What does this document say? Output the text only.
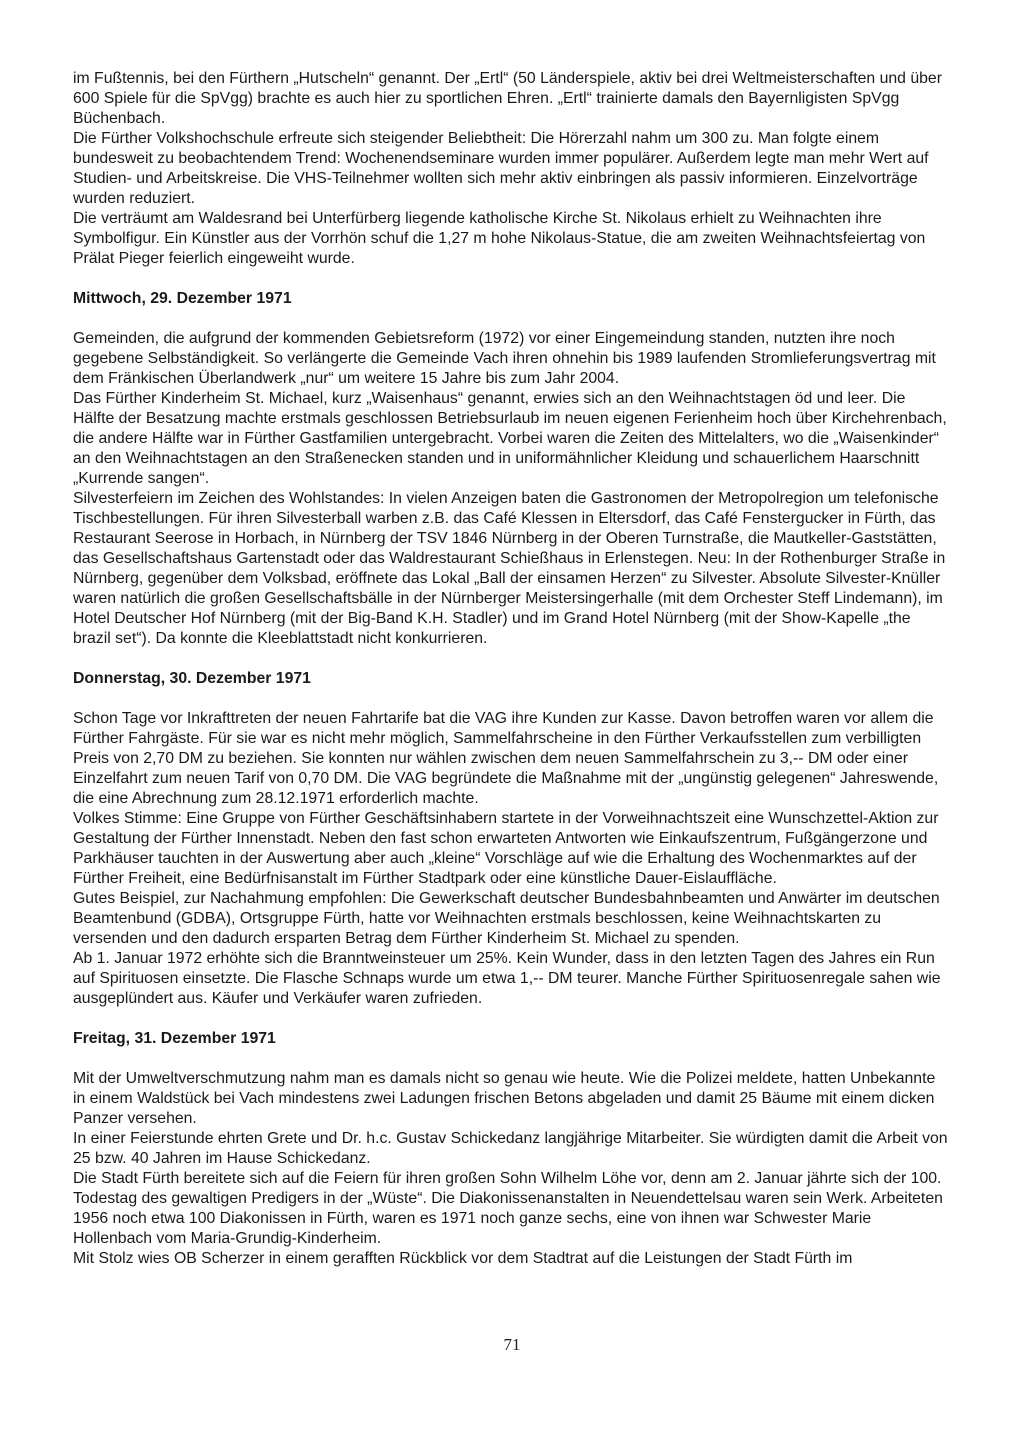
im Fußtennis, bei den Fürthern „Hutscheln“ genannt. Der „Ertl“ (50 Länderspiele, aktiv bei drei Weltmeisterschaften und über 600 Spiele für die SpVgg) brachte es auch hier zu sportlichen Ehren. „Ertl“ trainierte damals den Bayernligisten SpVgg Büchenbach.

Die Fürther Volkshochschule erfreute sich steigender Beliebtheit: Die Hörerzahl nahm um 300 zu. Man folgte einem bundesweit zu beobachtendem Trend: Wochenendseminare wurden immer populärer. Außerdem legte man mehr Wert auf Studien- und Arbeitskreise. Die VHS-Teilnehmer wollten sich mehr aktiv einbringen als passiv informieren. Einzelvorträge wurden reduziert.

Die verträumt am Waldesrand bei Unterfürberg liegende katholische Kirche St. Nikolaus erhielt zu Weihnachten ihre Symbolfigur. Ein Künstler aus der Vorrhön schuf die 1,27 m hohe Nikolaus-Statue, die am zweiten Weihnachtsfeiertag von Prälat Pieger feierlich eingeweiht wurde.

Mittwoch, 29. Dezember 1971

Gemeinden, die aufgrund der kommenden Gebietsreform (1972) vor einer Eingemeindung standen, nutzten ihre noch gegebene Selbständigkeit. So verlängerte die Gemeinde Vach ihren ohnehin bis 1989 laufenden Stromlieferungsvertrag mit dem Fränkischen Überlandwerk „nur“ um weitere 15 Jahre bis zum Jahr 2004.

Das Fürther Kinderheim St. Michael, kurz „Waisenhaus“ genannt, erwies sich an den Weihnachtstagen öd und leer. Die Hälfte der Besatzung machte erstmals geschlossen Betriebsurlaub im neuen eigenen Ferienheim hoch über Kirchehrenbach, die andere Hälfte war in Fürther Gastfamilien untergebracht. Vorbei waren die Zeiten des Mittelalters, wo die „Waisenkinder“ an den Weihnachtstagen an den Straßenecken standen und in uniformähnlicher Kleidung und schauerlichem Haarschnitt „Kurrende sangen“.

Silvesterfeiern im Zeichen des Wohlstandes: In vielen Anzeigen baten die Gastronomen der Metropolregion um telefonische Tischbestellungen. Für ihren Silvesterball warben z.B. das Café Klessen in Eltersdorf, das Café Fenstergucker in Fürth, das Restaurant Seerose in Horbach, in Nürnberg der TSV 1846 Nürnberg in der Oberen Turnstraße, die Mautkeller-Gaststätten, das Gesellschaftshaus Gartenstadt oder das Waldrestaurant Schießhaus in Erlenstegen. Neu: In der Rothenburger Straße in Nürnberg, gegenüber dem Volksbad, eröffnete das Lokal „Ball der einsamen Herzen“ zu Silvester. Absolute Silvester-Knüller waren natürlich die großen Gesellschaftsbälle in der Nürnberger Meistersingerhalle (mit dem Orchester Steff Lindemann), im Hotel Deutscher Hof Nürnberg (mit der Big-Band K.H. Stadler) und im Grand Hotel Nürnberg (mit der Show-Kapelle „the brazil set“). Da konnte die Kleeblattstadt nicht konkurrieren.

Donnerstag, 30. Dezember 1971

Schon Tage vor Inkrafttreten der neuen Fahrtarife bat die VAG ihre Kunden zur Kasse. Davon betroffen waren vor allem die Fürther Fahrgäste. Für sie war es nicht mehr möglich, Sammelfahrscheine in den Fürther Verkaufsstellen zum verbilligten Preis von 2,70 DM zu beziehen. Sie konnten nur wählen zwischen dem neuen Sammelfahrschein zu 3,-- DM oder einer Einzelfahrt zum neuen Tarif von 0,70 DM. Die VAG begründete die Maßnahme mit der „ungünstig gelegenen“ Jahreswende, die eine Abrechnung zum 28.12.1971 erforderlich machte.

Volkes Stimme: Eine Gruppe von Fürther Geschäftsinhabern startete in der Vorweihnachtszeit eine Wunschzettel-Aktion zur Gestaltung der Fürther Innenstadt. Neben den fast schon erwarteten Antworten wie Einkaufszentrum, Fußgängerzone und Parkhäuser tauchten in der Auswertung aber auch „kleine“ Vorschläge auf wie die Erhaltung des Wochenmarktes auf der Fürther Freiheit, eine Bedürfnisanstalt im Fürther Stadtpark oder eine künstliche Dauer-Eislauffläche.

Gutes Beispiel, zur Nachahmung empfohlen: Die Gewerkschaft deutscher Bundesbahnbeamten und Anwärter im deutschen Beamtenbund (GDBA), Ortsgruppe Fürth, hatte vor Weihnachten erstmals beschlossen, keine Weihnachtskarten zu versenden und den dadurch ersparten Betrag dem Fürther Kinderheim St. Michael zu spenden.

Ab 1. Januar 1972 erhöhte sich die Branntweinsteuer um 25%. Kein Wunder, dass in den letzten Tagen des Jahres ein Run auf Spirituosen einsetzte. Die Flasche Schnaps wurde um etwa 1,-- DM teurer. Manche Fürther Spirituosenregale sahen wie ausgeplündert aus. Käufer und Verkäufer waren zufrieden.

Freitag, 31. Dezember 1971

Mit der Umweltverschmutzung nahm man es damals nicht so genau wie heute. Wie die Polizei meldete, hatten Unbekannte in einem Waldstück bei Vach mindestens zwei Ladungen frischen Betons abgeladen und damit 25 Bäume mit einem dicken Panzer versehen.

In einer Feierstunde ehrten Grete und Dr. h.c. Gustav Schickedanz langjährige Mitarbeiter. Sie würdigten damit die Arbeit von 25 bzw. 40 Jahren im Hause Schickedanz.

Die Stadt Fürth bereitete sich auf die Feiern für ihren großen Sohn Wilhelm Löhe vor, denn am 2. Januar jährte sich der 100. Todestag des gewaltigen Predigers in der „Wüste“. Die Diakonissenanstalten in Neuendettelsau waren sein Werk. Arbeiteten 1956 noch etwa 100 Diakonissen in Fürth, waren es 1971 noch ganze sechs, eine von ihnen war Schwester Marie Hollenbach vom Maria-Grundig-Kinderheim.

Mit Stolz wies OB Scherzer in einem gerafften Rückblick vor dem Stadtrat auf die Leistungen der Stadt Fürth im

71
